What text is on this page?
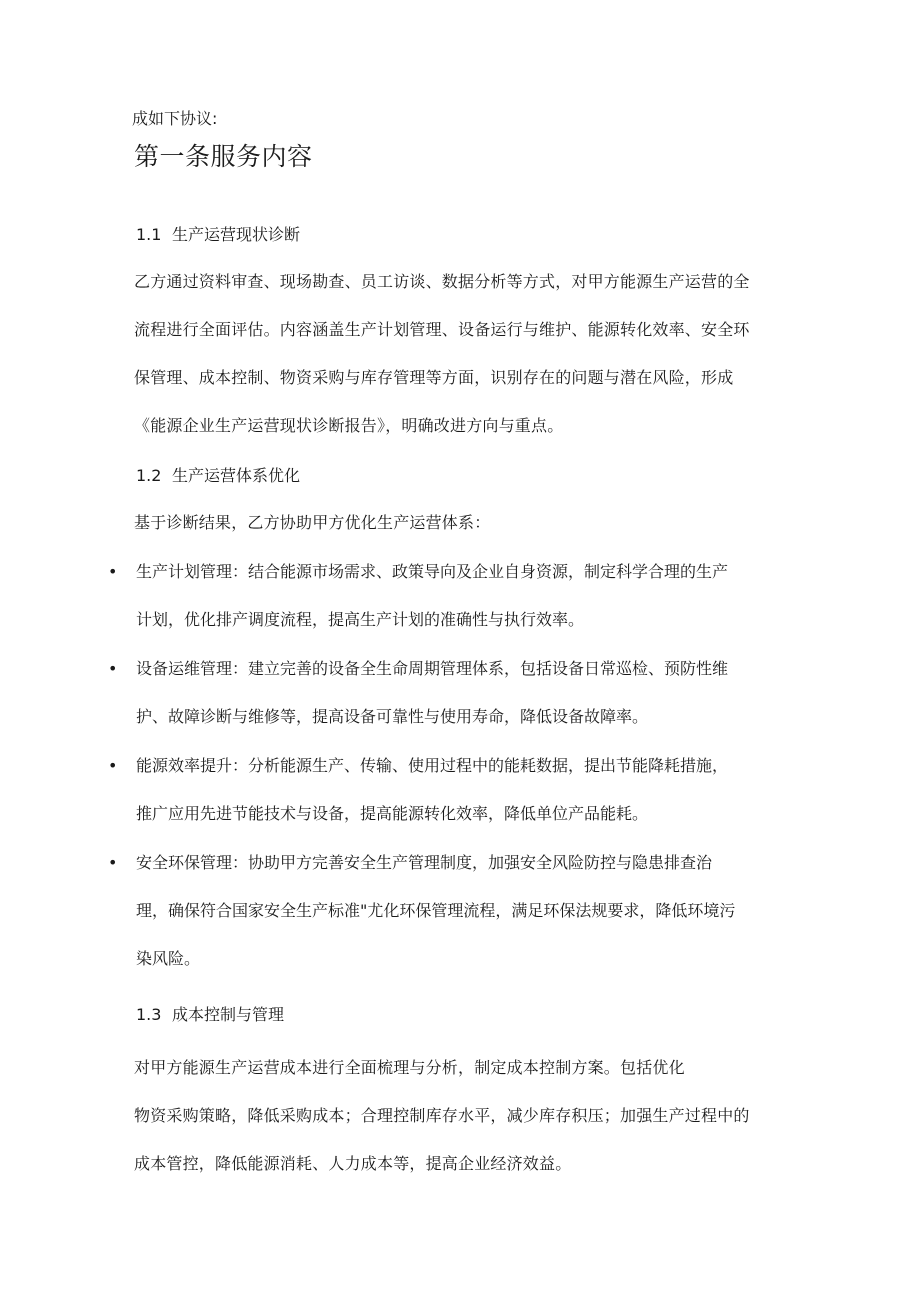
成如下协议:
第一条服务内容
1.1 生产运营现状诊断
乙方通过资料审查、现场勘查、员工访谈、数据分析等方式，对甲方能源生产运营的全
流程进行全面评估。内容涵盖生产计划管理、设备运行与维护、能源转化效率、安全环
保管理、成本控制、物资采购与库存管理等方面，识别存在的问题与潜在风险，形成
《能源企业生产运营现状诊断报告》，明确改进方向与重点。
1.2 生产运营体系优化
基于诊断结果，乙方协助甲方优化生产运营体系：
•	生产计划管理：结合能源市场需求、政策导向及企业自身资源，制定科学合理的生产
计划，优化排产调度流程，提高生产计划的准确性与执行效率。
•	设备运维管理：建立完善的设备全生命周期管理体系，包括设备日常巡检、预防性维
护、故障诊断与维修等，提高设备可靠性与使用寿命，降低设备故障率。
•	能源效率提升：分析能源生产、传输、使用过程中的能耗数据，提出节能降耗措施，
推广应用先进节能技术与设备，提高能源转化效率，降低单位产品能耗。
•	安全环保管理：协助甲方完善安全生产管理制度，加强安全风险防控与隐患排查治
理，确保符合国家安全生产标准"尤化环保管理流程，满足环保法规要求，降低环境污
染风险。
1.3 成本控制与管理
对甲方能源生产运营成本进行全面梳理与分析，制定成本控制方案。包括优化
物资采购策略，降低采购成本；合理控制库存水平，减少库存积压；加强生产过程中的
成本管控，降低能源消耗、人力成本等，提高企业经济效益。
